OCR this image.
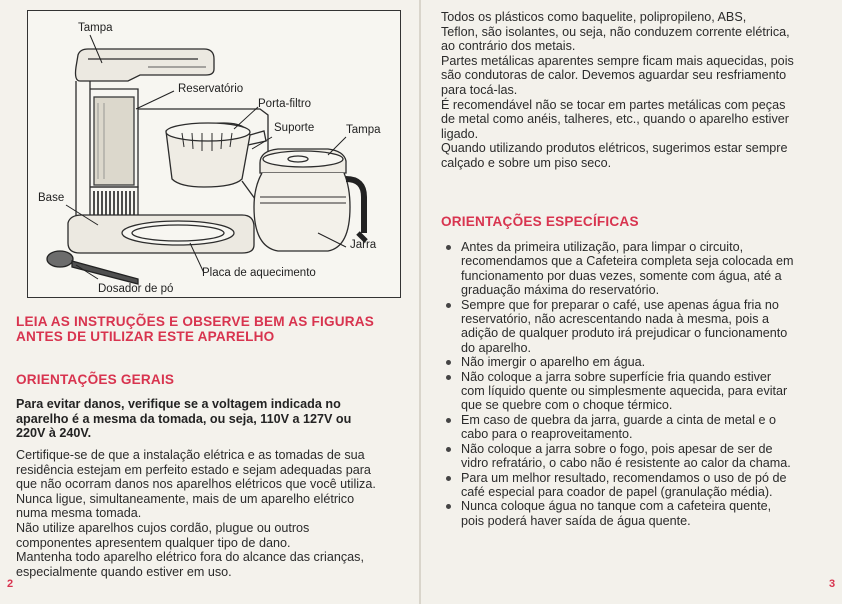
Tampa
Reservatório
Porta-filtro
Suporte	Tampa
Base
Jarra
Placa de aquecimento
Dosador de pó
LEIA AS INSTRUÇÕES E OBSERVE BEM AS FIGURAS
ANTES DE UTILIZAR ESTE APARELHO
ORIENTAÇÕES GERAIS
Para evitar danos, verifique se a voltagem indicada no
aparelho é a mesma da tomada, ou seja, 110V a 127V ou
220V à 240V.
Certifique-se de que a instalação elétrica e as tomadas de sua
residência estejam em perfeito estado e sejam adequadas para
que não ocorram danos nos aparelhos elétricos que você utiliza.
Nunca ligue, simultaneamente, mais de um aparelho elétrico
numa mesma tomada.
Não utilize aparelhos cujos cordão, plugue ou outros
componentes apresentem qualquer tipo de dano.
Mantenha todo aparelho elétrico fora do alcance das crianças,
especialmente quando estiver em uso.
2
Todos os plásticos como baquelite, polipropileno, ABS,
Teflon, são isolantes, ou seja, não conduzem corrente elétrica,
ao contrário dos metais.
Partes metálicas aparentes sempre ficam mais aquecidas, pois
são condutoras de calor. Devemos aguardar seu resfriamento
para tocá-las.
É recomendável não se tocar em partes metálicas com peças
de metal como anéis, talheres, etc., quando o aparelho estiver
ligado.
Quando utilizando produtos elétricos, sugerimos estar sempre
calçado e sobre um piso seco.
ORIENTAÇÕES ESPECÍFICAS
3
Antes da primeira utilização, para limpar o circuito,
recomendamos que a Cafeteira completa seja colocada em
funcionamento por duas vezes, somente com água, até a
graduação máxima do reservatório.
Sempre que for preparar o café, use apenas água fria no
reservatório, não acrescentando nada à mesma, pois a
adição de qualquer produto irá prejudicar o funcionamento
do aparelho.
Não imergir o aparelho em água.
Não coloque a jarra sobre superfície fria quando estiver
com líquido quente ou simplesmente aquecida, para evitar
que se quebre com o choque térmico.
Em caso de quebra da jarra, guarde a cinta de metal e o
cabo para o reaproveitamento.
Não coloque a jarra sobre o fogo, pois apesar de ser de
vidro refratário, o cabo não é resistente ao calor da chama.
Para um melhor resultado, recomendamos o uso de pó de
café especial para coador de papel (granulação média).
Nunca coloque água no tanque com a cafeteira quente,
pois poderá haver saída de água quente.
